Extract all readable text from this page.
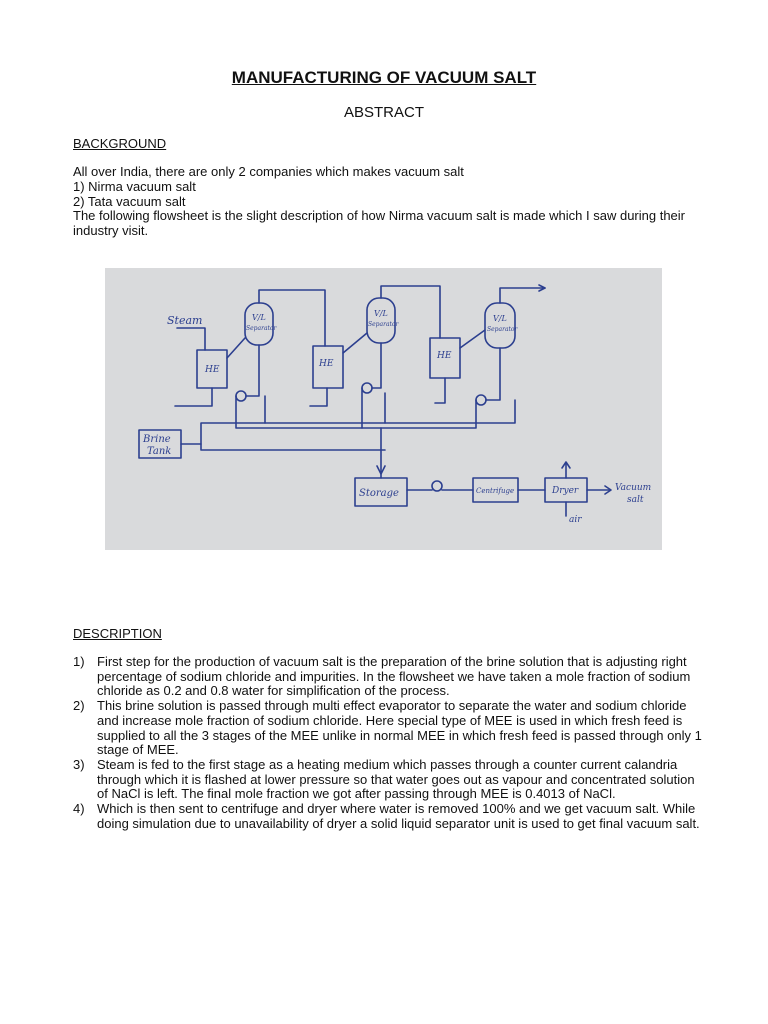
MANUFACTURING OF VACUUM SALT
ABSTRACT
BACKGROUND
All over India, there are only 2 companies which makes vacuum salt
1) Nirma vacuum salt
2) Tata vacuum salt
The following flowsheet is the slight description of how Nirma vacuum salt is made which I saw during their industry visit.
Steam
Brine
Tank
V/L
Separator
V/L
Separator
V/L
Separator
HE
HE
HE
Storage	Centrifuge	Dryer
air
Vacuum
salt
DESCRIPTION
1) First step for the production of vacuum salt is the preparation of the brine solution that is adjusting right percentage of sodium chloride and impurities. In the flowsheet we have taken a mole fraction of sodium chloride as 0.2 and 0.8 water for simplification of the process.
2) This brine solution is passed through multi effect evaporator to separate the water and sodium chloride and increase mole fraction of sodium chloride. Here special type of MEE is used in which fresh feed is supplied to all the 3 stages of the MEE unlike in normal MEE in which fresh feed is passed through only 1 stage of MEE.
3) Steam is fed to the first stage as a heating medium which passes through a counter current calandria through which it is flashed at lower pressure so that water goes out as vapour and concentrated solution of NaCl is left. The final mole fraction we got after passing through MEE is 0.4013 of NaCl.
4) Which is then sent to centrifuge and dryer where water is removed 100% and we get vacuum salt. While doing simulation due to unavailability of dryer a solid liquid separator unit is used to get final vacuum salt.
